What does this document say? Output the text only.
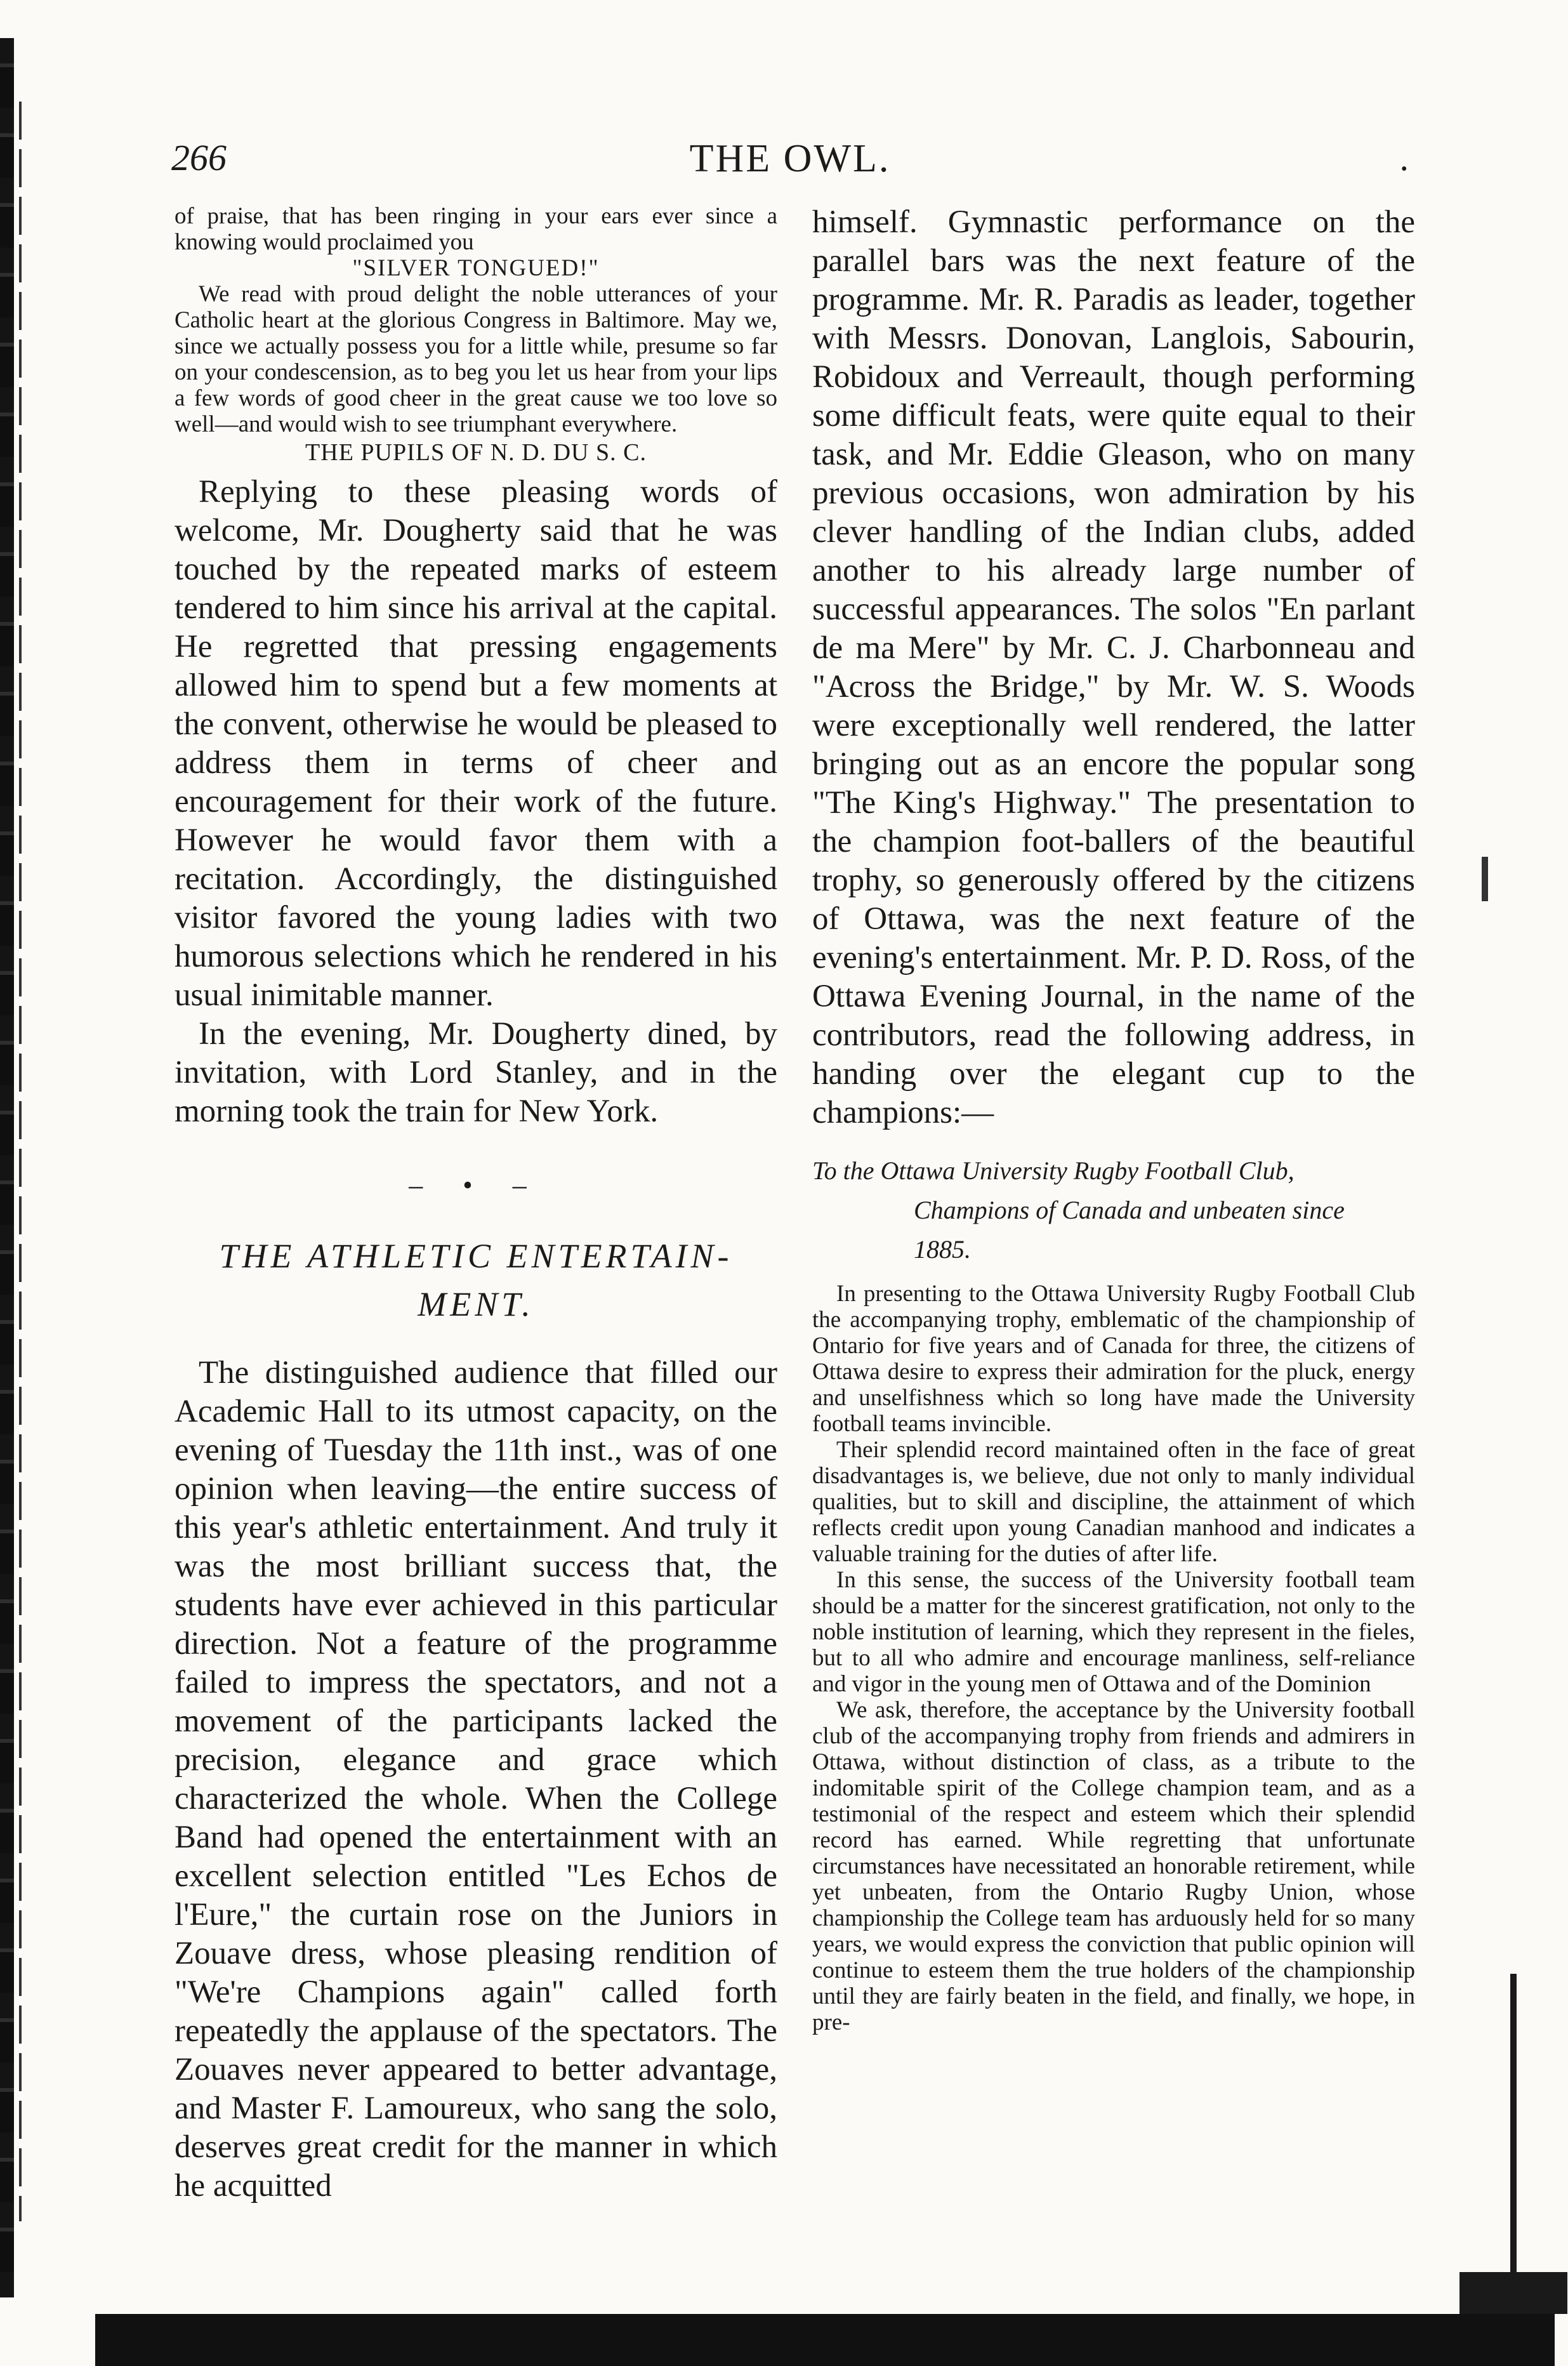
266	THE OWL.	.

of praise, that has been ringing in your ears ever since a knowing would proclaimed you

"SILVER TONGUED!"

We read with proud delight the noble utterances of your Catholic heart at the glorious Congress in Baltimore. May we, since we actually possess you for a little while, presume so far on your condescension, as to beg you let us hear from your lips a few words of good cheer in the great cause we too love so well—and would wish to see triumphant everywhere.

THE PUPILS OF N. D. DU S. C.

Replying to these pleasing words of welcome, Mr. Dougherty said that he was touched by the repeated marks of esteem tendered to him since his arrival at the capital. He regretted that pressing engagements allowed him to spend but a few moments at the convent, otherwise he would be pleased to address them in terms of cheer and encouragement for their work of the future. However he would favor them with a recitation. Accordingly, the distinguished visitor favored the young ladies with two humorous selections which he rendered in his usual inimitable manner.

In the evening, Mr. Dougherty dined, by invitation, with Lord Stanley, and in the morning took the train for New York.

– • –
THE ATHLETIC ENTERTAIN-
MENT.

The distinguished audience that filled our Academic Hall to its utmost capacity, on the evening of Tuesday the 11th inst., was of one opinion when leaving—the entire success of this year's athletic entertainment. And truly it was the most brilliant success that, the students have ever achieved in this particular direction. Not a feature of the programme failed to impress the spectators, and not a movement of the participants lacked the precision, elegance and grace which characterized the whole. When the College Band had opened the entertainment with an excellent selection entitled "Les Echos de l'Eure," the curtain rose on the Juniors in Zouave dress, whose pleasing rendition of "We're Champions again" called forth repeatedly the applause of the spectators. The Zouaves never appeared to better advantage, and Master F. Lamoureux, who sang the solo, deserves great credit for the manner in which he acquitted

himself. Gymnastic performance on the parallel bars was the next feature of the programme. Mr. R. Paradis as leader, together with Messrs. Donovan, Langlois, Sabourin, Robidoux and Verreault, though performing some difficult feats, were quite equal to their task, and Mr. Eddie Gleason, who on many previous occasions, won admiration by his clever handling of the Indian clubs, added another to his already large number of successful appearances. The solos "En parlant de ma Mere" by Mr. C. J. Charbonneau and "Across the Bridge," by Mr. W. S. Woods were exceptionally well rendered, the latter bringing out as an encore the popular song "The King's Highway." The presentation to the champion foot-ballers of the beautiful trophy, so generously offered by the citizens of Ottawa, was the next feature of the evening's entertainment. Mr. P. D. Ross, of the Ottawa Evening Journal, in the name of the contributors, read the following address, in handing over the elegant cup to the champions:—

To the Ottawa University Rugby Football Club,
Champions of Canada and unbeaten since
1885.

In presenting to the Ottawa University Rugby Football Club the accompanying trophy, emblematic of the championship of Ontario for five years and of Canada for three, the citizens of Ottawa desire to express their admiration for the pluck, energy and unselfishness which so long have made the University football teams invincible.

Their splendid record maintained often in the face of great disadvantages is, we believe, due not only to manly individual qualities, but to skill and discipline, the attainment of which reflects credit upon young Canadian manhood and indicates a valuable training for the duties of after life.

In this sense, the success of the University football team should be a matter for the sincerest gratification, not only to the noble institution of learning, which they represent in the fieles, but to all who admire and encourage manliness, self-reliance and vigor in the young men of Ottawa and of the Dominion

We ask, therefore, the acceptance by the University football club of the accompanying trophy from friends and admirers in Ottawa, without distinction of class, as a tribute to the indomitable spirit of the College champion team, and as a testimonial of the respect and esteem which their splendid record has earned. While regretting that unfortunate circumstances have necessitated an honorable retirement, while yet unbeaten, from the Ontario Rugby Union, whose championship the College team has arduously held for so many years, we would express the conviction that public opinion will continue to esteem them the true holders of the championship until they are fairly beaten in the field, and finally, we hope, in pre-
